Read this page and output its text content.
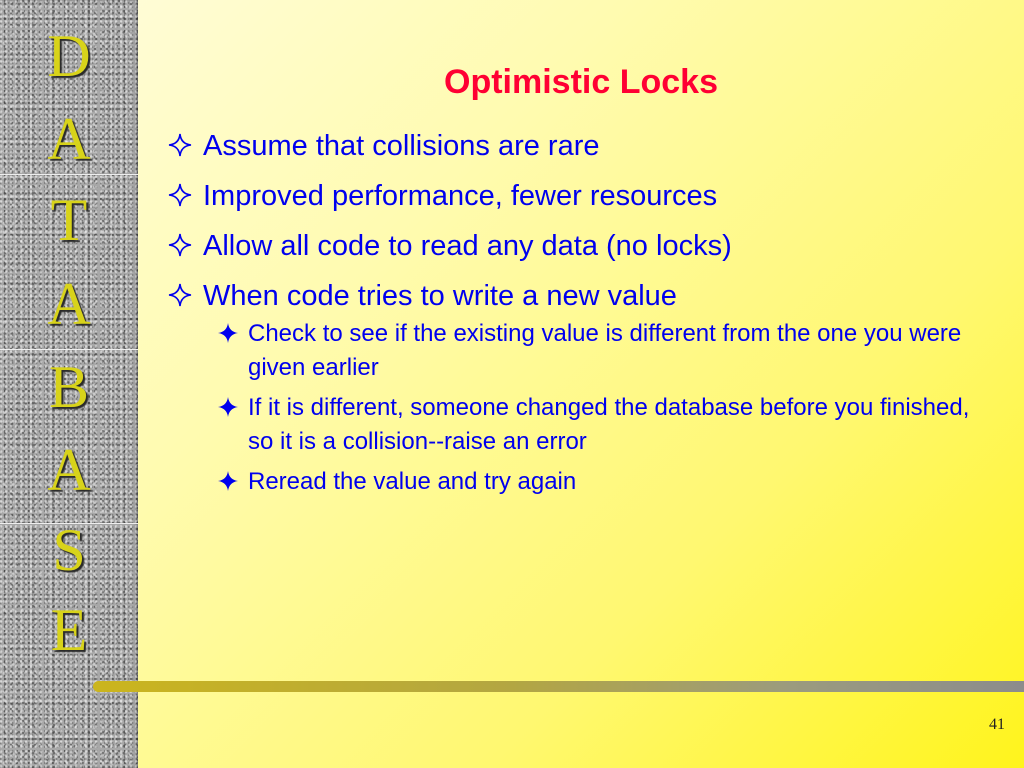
D
A
T
A
B
A
S
E
Optimistic Locks
Assume that collisions are rare
Improved performance, fewer resources
Allow all code to read any data (no locks)
When code tries to write a new value
Check to see if the existing value is different from the one you were given earlier
If it is different, someone changed the database before you finished, so it is a collision--raise an error
Reread the value and try again
41
